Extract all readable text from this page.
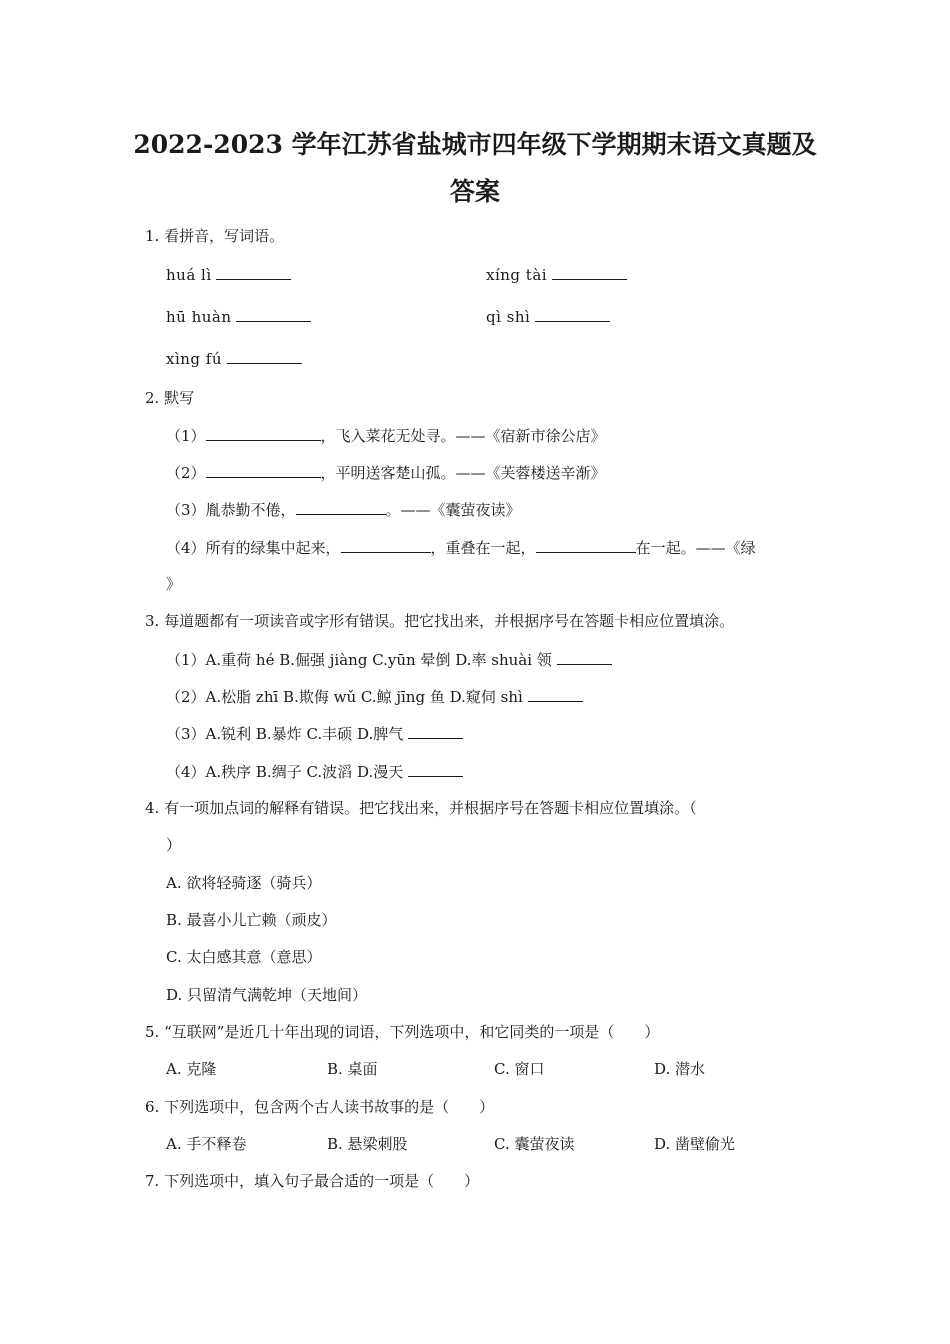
2022-2023 学年江苏省盐城市四年级下学期期末语文真题及
答案
1. 看拼音，写词语。
huá lì	xíng tài
hū huàn	qì shì
xìng fú
2. 默写
（1）	，飞入菜花无处寻。——《宿新市徐公店》
（2）	，平明送客楚山孤。——《芙蓉楼送辛渐》
（3）胤恭勤不倦，	。——《囊萤夜读》
（4）所有的绿集中起来，	，重叠在一起，	在一起。——《绿
》
3. 每道题都有一项读音或字形有错误。把它找出来，并根据序号在答题卡相应位置填涂。
（1）A.重荷 hé B.倔强 jiàng C.yūn 晕倒 D.率 shuài 领
（2）A.松脂 zhī B.欺侮 wǔ C.鲸 jīng 鱼 D.窥伺 shì
（3）A.锐利 B.暴炸 C.丰硕 D.脾气
（4）A.秩序 B.绸子 C.波滔 D.漫天
4. 有一项加点词的解释有错误。把它找出来，并根据序号在答题卡相应位置填涂。（
）
A. 欲将轻骑逐（骑兵）
B. 最喜小儿亡赖（顽皮）
C. 太白感其意（意思）
D. 只留清气满乾坤（天地间）
5. “互联网”是近几十年出现的词语，下列选项中，和它同类的一项是（　　）
A. 克隆	B. 桌面	C. 窗口	D. 潜水
6. 下列选项中，包含两个古人读书故事的是（　　）
A. 手不释卷	B. 悬梁刺股	C. 囊萤夜读	D. 凿壁偷光
7. 下列选项中，填入句子最合适的一项是（　　）
